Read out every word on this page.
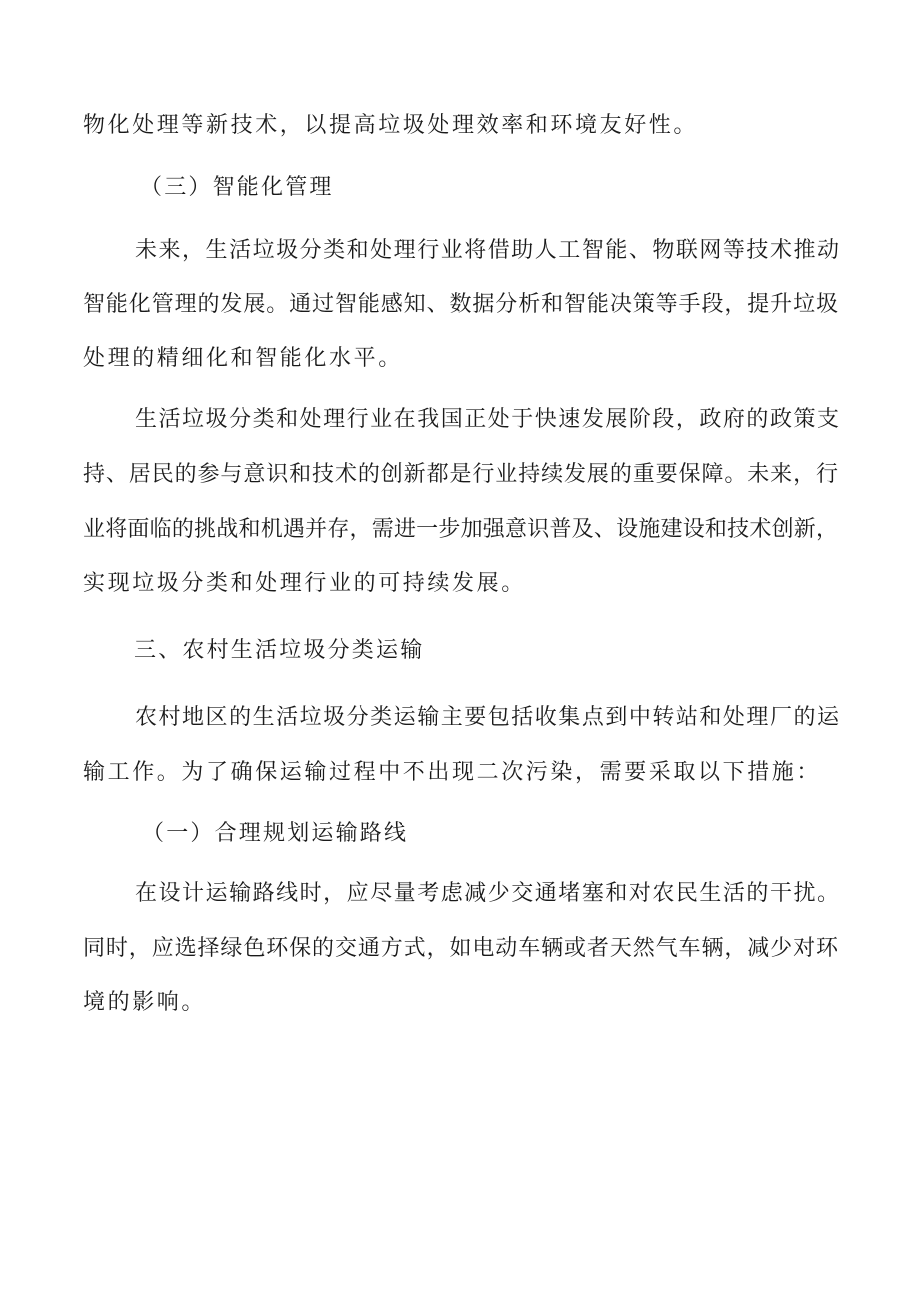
物化处理等新技术，以提高垃圾处理效率和环境友好性。
（三）智能化管理
未来，生活垃圾分类和处理行业将借助人工智能、物联网等技术推动
智能化管理的发展。通过智能感知、数据分析和智能决策等手段，提升垃圾
处理的精细化和智能化水平。
生活垃圾分类和处理行业在我国正处于快速发展阶段，政府的政策支
持、居民的参与意识和技术的创新都是行业持续发展的重要保障。未来，行
业将面临的挑战和机遇并存，需进一步加强意识普及、设施建设和技术创新，
实现垃圾分类和处理行业的可持续发展。
三、农村生活垃圾分类运输
农村地区的生活垃圾分类运输主要包括收集点到中转站和处理厂的运
输工作。为了确保运输过程中不出现二次污染，需要采取以下措施：
（一）合理规划运输路线
在设计运输路线时，应尽量考虑减少交通堵塞和对农民生活的干扰。
同时，应选择绿色环保的交通方式，如电动车辆或者天然气车辆，减少对环
境的影响。
